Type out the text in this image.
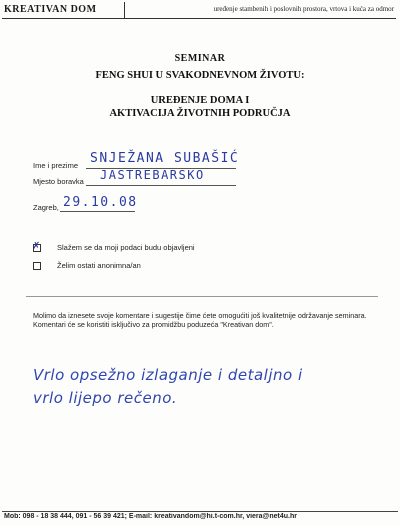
KREATIVAN DOM	uređenje stambenih i poslovnih prostora, vrtova i kuća za odmor
SEMINAR
FENG SHUI U SVAKODNEVNOM ŽIVOTU:
UREĐENJE DOMA I
AKTIVACIJA ŽIVOTNIH PODRUČJA
Ime i prezime SNJEŽANA SUBAŠIĆ
Mjesto boravka JASTREBARSKO
Zagreb, 29.10.08
✗ Slažem se da moji podaci budu objavljeni
Želim ostati anonimna/an
Molimo da iznesete svoje komentare i sugestije čime ćete omogućiti još kvalitetnije održavanje seminara. Komentari će se koristiti isključivo za promidžbu poduzeća "Kreativan dom".
Vrlo opsežno izlaganje i detaljno i
vrlo lijepo rečeno.
Mob: 098 - 18 38 444, 091 - 56 39 421; E-mail: kreativandom@hi.t-com.hr, viera@net4u.hr
